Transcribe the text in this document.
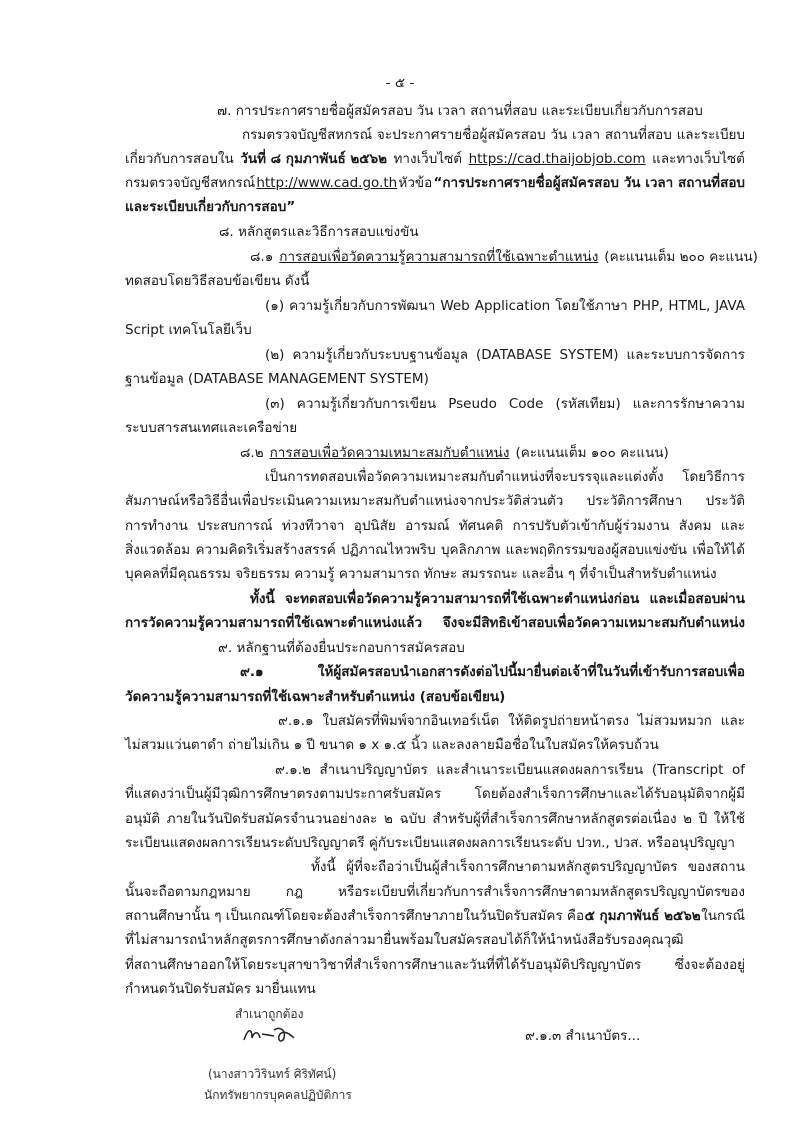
- ๕ -
๗. การประกาศรายชื่อผู้สมัครสอบ วัน เวลา สถานที่สอบ และระเบียบเกี่ยวกับการสอบ
กรมตรวจบัญชีสหกรณ์ จะประกาศรายชื่อผู้สมัครสอบ วัน เวลา สถานที่สอบ และระเบียบ
เกี่ยวกับการสอบใน วันที่ ๘ กุมภาพันธ์ ๒๕๖๒ ทางเว็บไซต์ https://cad.thaijobjob.com และทางเว็บไซต์
กรมตรวจบัญชีสหกรณ์ http://www.cad.go.th หัวข้อ “การประกาศรายชื่อผู้สมัครสอบ วัน เวลา สถานที่สอบ
และระเบียบเกี่ยวกับการสอบ”
๘. หลักสูตรและวิธีการสอบแข่งขัน
๘.๑ การสอบเพื่อวัดความรู้ความสามารถที่ใช้เฉพาะตำแหน่ง (คะแนนเต็ม ๒๐๐ คะแนน)
ทดสอบโดยวิธีสอบข้อเขียน ดังนี้
(๑) ความรู้เกี่ยวกับการพัฒนา Web Application โดยใช้ภาษา PHP, HTML, JAVA
Script เทคโนโลยีเว็บ
(๒) ความรู้เกี่ยวกับระบบฐานข้อมูล (DATABASE SYSTEM) และระบบการจัดการ
ฐานข้อมูล (DATABASE MANAGEMENT SYSTEM)
(๓) ความรู้เกี่ยวกับการเขียน Pseudo Code (รหัสเทียม) และการรักษาความ
ระบบสารสนเทศและเครือข่าย
๘.๒ การสอบเพื่อวัดความเหมาะสมกับตำแหน่ง (คะแนนเต็ม ๑๐๐ คะแนน)
เป็นการทดสอบเพื่อวัดความเหมาะสมกับตำแหน่งที่จะบรรจุและแต่งตั้ง โดยวิธีการ
สัมภาษณ์หรือวิธีอื่นเพื่อประเมินความเหมาะสมกับตำแหน่งจากประวัติส่วนตัว ประวัติการศึกษา ประวัติ
การทำงาน ประสบการณ์ ท่วงทีวาจา อุปนิสัย อารมณ์ ทัศนคติ การปรับตัวเข้ากับผู้ร่วมงาน สังคม และ
สิ่งแวดล้อม ความคิดริเริ่มสร้างสรรค์ ปฏิภาณไหวพริบ บุคลิกภาพ และพฤติกรรมของผู้สอบแข่งขัน เพื่อให้ได้
บุคคลที่มีคุณธรรม จริยธรรม ความรู้ ความสามารถ ทักษะ สมรรถนะ และอื่น ๆ ที่จำเป็นสำหรับตำแหน่ง
ทั้งนี้ จะทดสอบเพื่อวัดความรู้ความสามารถที่ใช้เฉพาะตำแหน่งก่อน และเมื่อสอบผ่าน
การวัดความรู้ความสามารถที่ใช้เฉพาะตำแหน่งแล้ว จึงจะมีสิทธิเข้าสอบเพื่อวัดความเหมาะสมกับตำแหน่ง
๙. หลักฐานที่ต้องยื่นประกอบการสมัครสอบ
๙.๑ ให้ผู้สมัครสอบนำเอกสารดังต่อไปนี้มายื่นต่อเจ้าที่ในวันที่เข้ารับการสอบเพื่อ
วัดความรู้ความสามารถที่ใช้เฉพาะสำหรับตำแหน่ง (สอบข้อเขียน)
๙.๑.๑ ใบสมัครที่พิมพ์จากอินเทอร์เน็ต ให้ติดรูปถ่ายหน้าตรง ไม่สวมหมวก และ
ไม่สวมแว่นตาดำ ถ่ายไม่เกิน ๑ ปี ขนาด ๑ x ๑.๕ นิ้ว และลงลายมือชื่อในใบสมัครให้ครบถ้วน
๙.๑.๒ สำเนาปริญญาบัตร และสำเนาระเบียนแสดงผลการเรียน (Transcript of
ที่แสดงว่าเป็นผู้มีวุฒิการศึกษาตรงตามประกาศรับสมัคร โดยต้องสำเร็จการศึกษาและได้รับอนุมัติจากผู้มี
อนุมัติ ภายในวันปิดรับสมัครจำนวนอย่างละ ๒ ฉบับ สำหรับผู้ที่สำเร็จการศึกษาหลักสูตรต่อเนื่อง ๒ ปี ให้ใช้
ระเบียนแสดงผลการเรียนระดับปริญญาตรี คู่กับระเบียนแสดงผลการเรียนระดับ ปวท., ปวส. หรืออนุปริญญา
ทั้งนี้ ผู้ที่จะถือว่าเป็นผู้สำเร็จการศึกษาตามหลักสูตรปริญญาบัตร ของสถาน
นั้นจะถือตามกฎหมาย กฎ หรือระเบียบที่เกี่ยวกับการสำเร็จการศึกษาตามหลักสูตรปริญญาบัตรของ
สถานศึกษานั้น ๆ เป็นเกณฑ์โดยจะต้องสำเร็จการศึกษาภายในวันปิดรับสมัคร คือ ๕ กุมภาพันธ์ ๒๕๖๒ ในกรณี
ที่ไม่สามารถนำหลักสูตรการศึกษาดังกล่าวมายื่นพร้อมใบสมัครสอบได้ก็ให้นำหนังสือรับรองคุณวุฒิ
ที่สถานศึกษาออกให้โดยระบุสาขาวิชาที่สำเร็จการศึกษาและวันที่ที่ได้รับอนุมัติปริญญาบัตร ซึ่งจะต้องอยู่
กำหนดวันปิดรับสมัคร มายื่นแทน
สำเนาถูกต้อง
๙.๑.๓ สำเนาบัตร...
(นางสาววิรินทร์ ศิริทัศน์)
นักทรัพยากรบุคคลปฏิบัติการ
